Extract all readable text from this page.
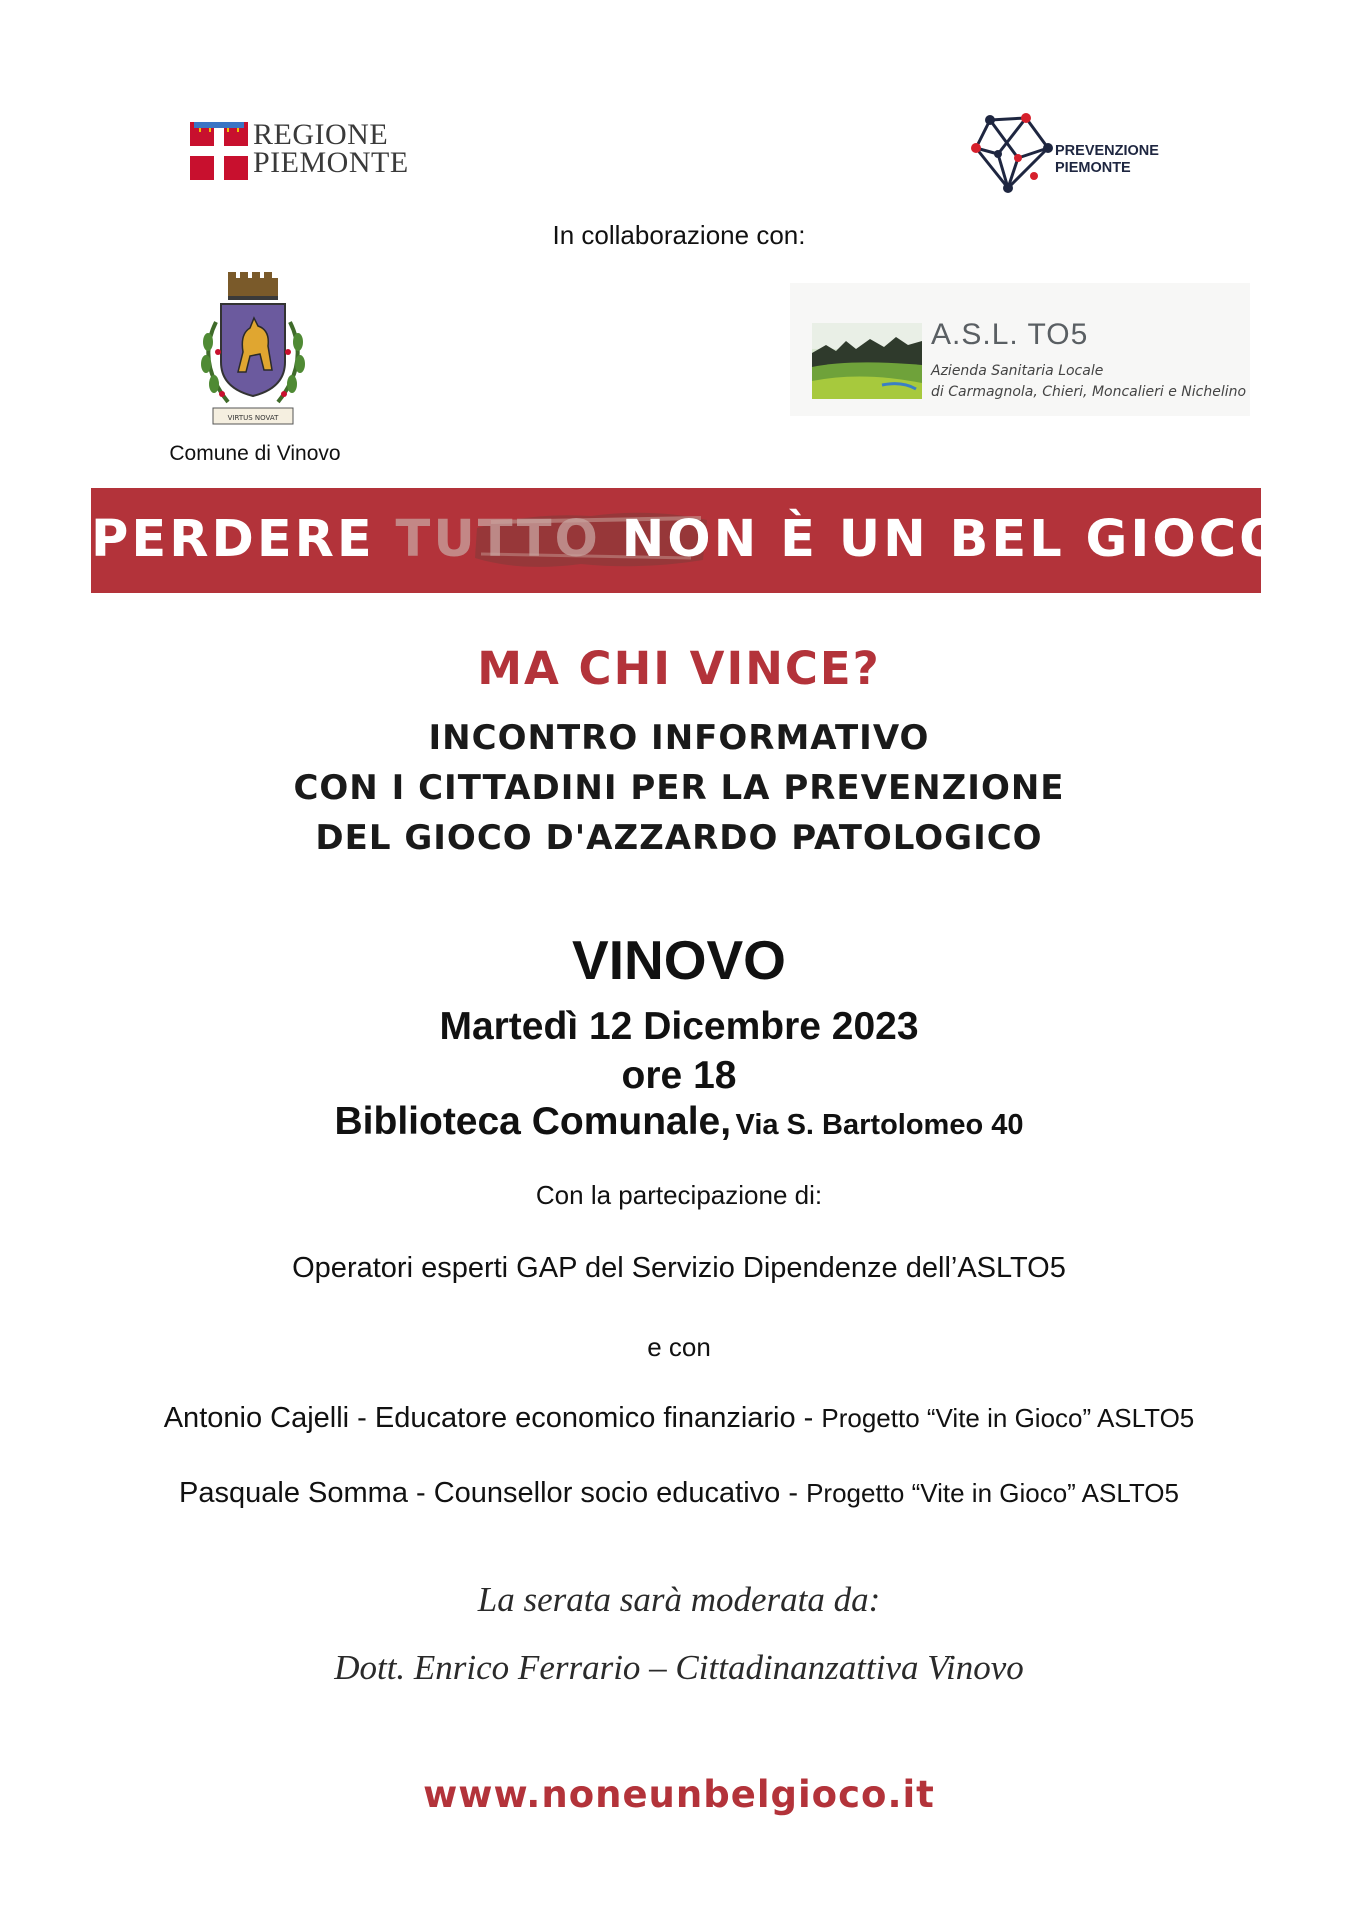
REGIONE
PIEMONTE	PREVENZIONE
PIEMONTE
In collaborazione con:
VIRTUS NOVAT
Comune di Vinovo
A.S.L. TO5
Azienda Sanitaria Locale
di Carmagnola, Chieri, Moncalieri e Nichelino
PERDERE TUTTO NON È UN BEL GIOCO
MA CHI VINCE?
INCONTRO INFORMATIVO
CON I CITTADINI PER LA PREVENZIONE
DEL GIOCO D'AZZARDO PATOLOGICO
VINOVO
Martedì 12 Dicembre 2023
ore 18
Biblioteca Comunale, Via S. Bartolomeo 40
Con la partecipazione di:
Operatori esperti GAP del Servizio Dipendenze dell’ASLTO5
e con
Antonio Cajelli - Educatore economico finanziario - Progetto “Vite in Gioco” ASLTO5
Pasquale Somma - Counsellor socio educativo - Progetto “Vite in Gioco” ASLTO5
La serata sarà moderata da:
Dott. Enrico Ferrario – Cittadinanzattiva Vinovo
www.noneunbelgioco.it
